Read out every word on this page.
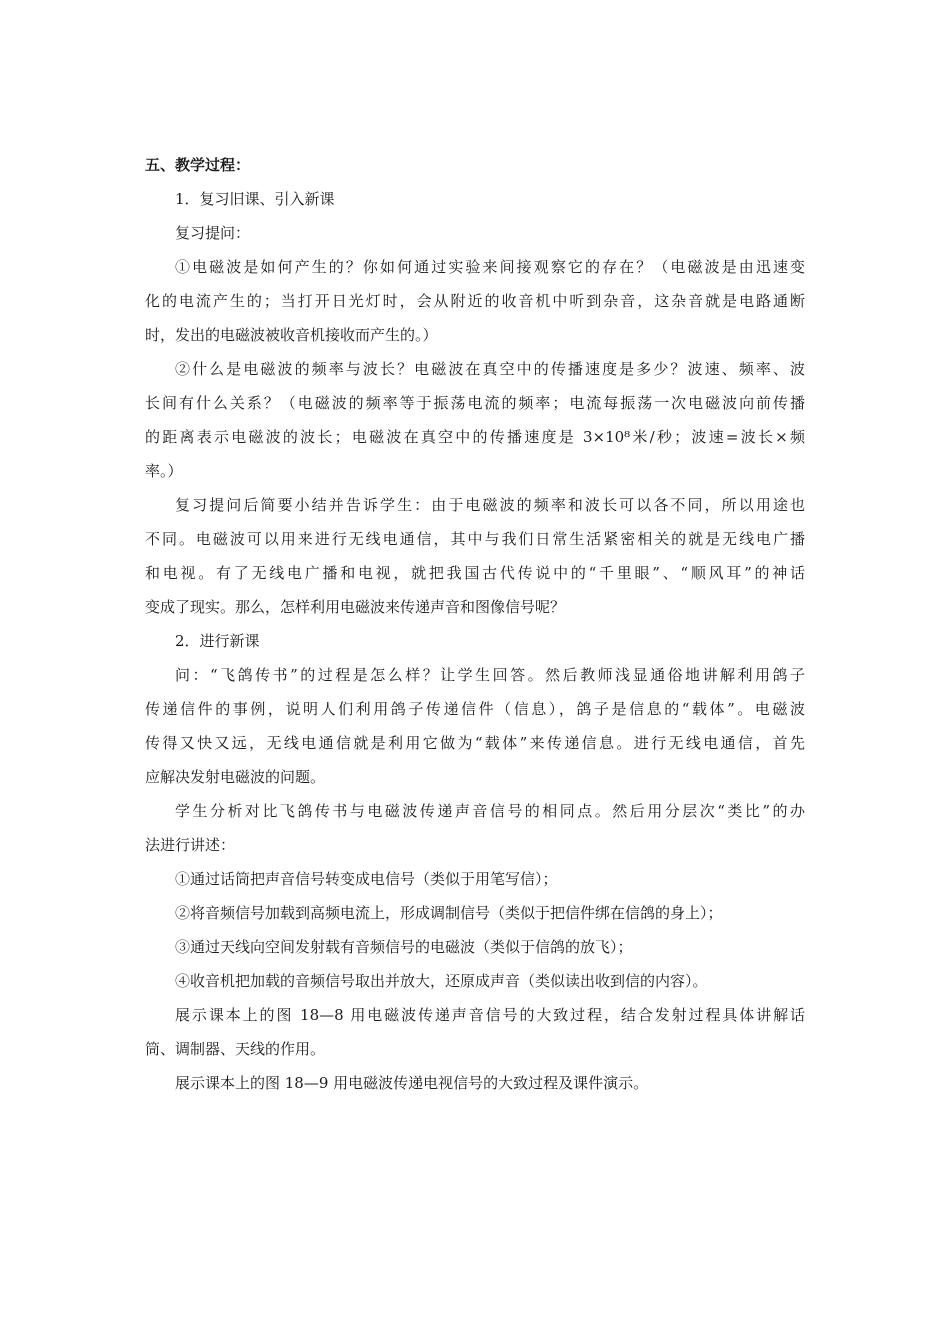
五、教学过程：
1．复习旧课、引入新课
复习提问：
①电磁波是如何产生的？你如何通过实验来间接观察它的存在？（电磁波是由迅速变
化的电流产生的；当打开日光灯时，会从附近的收音机中听到杂音，这杂音就是电路通断
时，发出的电磁波被收音机接收而产生的。）
②什么是电磁波的频率与波长？电磁波在真空中的传播速度是多少？波速、频率、波
长间有什么关系？（电磁波的频率等于振荡电流的频率；电流每振荡一次电磁波向前传播
的距离表示电磁波的波长；电磁波在真空中的传播速度是 3×10⁸米/秒；波速=波长×频
率。）
复习提问后简要小结并告诉学生：由于电磁波的频率和波长可以各不同，所以用途也
不同。电磁波可以用来进行无线电通信，其中与我们日常生活紧密相关的就是无线电广播
和电视。有了无线电广播和电视，就把我国古代传说中的“千里眼”、“顺风耳”的神话
变成了现实。那么，怎样利用电磁波来传递声音和图像信号呢？
2．进行新课
问：“飞鸽传书”的过程是怎么样？让学生回答。然后教师浅显通俗地讲解利用鸽子
传递信件的事例，说明人们利用鸽子传递信件（信息），鸽子是信息的“载体”。电磁波
传得又快又远，无线电通信就是利用它做为“载体”来传递信息。进行无线电通信，首先
应解决发射电磁波的问题。
学生分析对比飞鸽传书与电磁波传递声音信号的相同点。然后用分层次“类比”的办
法进行讲述：
①通过话筒把声音信号转变成电信号（类似于用笔写信）；
②将音频信号加载到高频电流上，形成调制信号（类似于把信件绑在信鸽的身上）；
③通过天线向空间发射载有音频信号的电磁波（类似于信鸽的放飞）；
④收音机把加载的音频信号取出并放大，还原成声音（类似读出收到信的内容）。
展示课本上的图 18—8 用电磁波传递声音信号的大致过程，结合发射过程具体讲解话
筒、调制器、天线的作用。
展示课本上的图 18—9 用电磁波传递电视信号的大致过程及课件演示。
